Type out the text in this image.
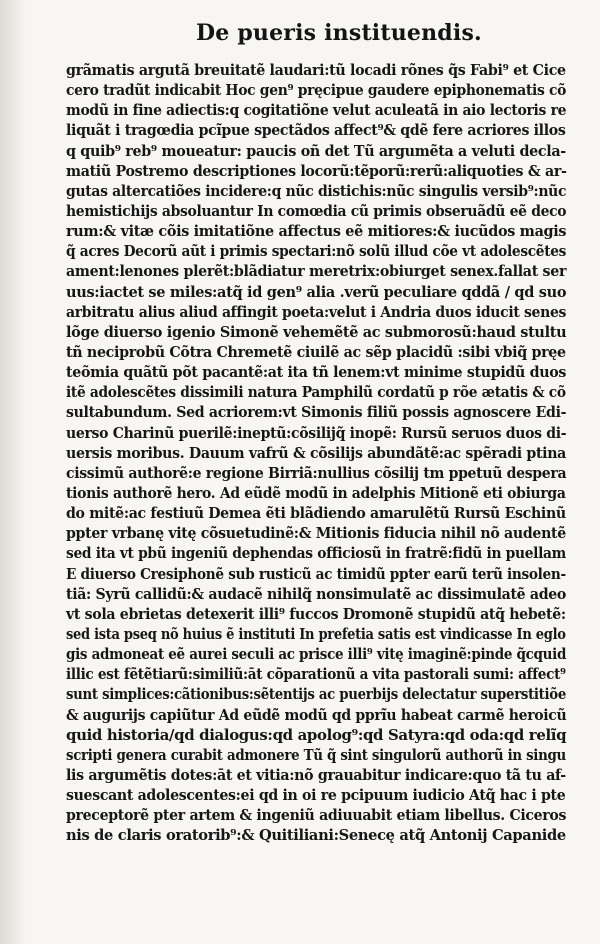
De pueris instituendis.
grãmatis argutã breuitatẽ laudari:tũ locadi rõnes q̃s Fabi⁹ et Cice
cero tradũt indicabit Hoc gen⁹ pręcipue gaudere epiphonematis cõ
modũ in fine adiectis:q cogitatiõne velut aculeatã in aio lectoris re
liquãt i tragœdia pcĩpue spectãdos affect⁹& qdẽ fere acriores illos
q quib⁹ reb⁹ moueatur: paucis oñ det Tũ argumẽta a veluti decla-
matiũ Postremo descriptiones locorũ:tẽporũ:rerũ:aliquoties & ar-
gutas altercatiões incidere:q nũc distichis:nũc singulis versib⁹:nũc
hemistichijs absoluantur In comœdia cũ primis obseruãdũ eẽ deco
rum:& vitæ cõis imitatiõne affectus eẽ mitiores:& iucũdos magis
q̃ acres Decorũ aũt i primis spectari:nõ solũ illud cõe vt adolescẽtes
ament:lenones plerẽt:blãdiatur meretrix:obiurget senex.fallat ser
uus:iactet se miles:atq̃ id gen⁹ alia .verũ peculiare qddã / qd suo
arbitratu alius aliud affingit poeta:velut i Andria duos iducit senes
lõge diuerso igenio Simonẽ vehemẽtẽ ac submorosũ:haud stultu
tñ neciprobũ Cõtra Chremetẽ ciuilẽ ac sẽp placidũ :sibi vbiq̃ pręe
teõmia quãtũ põt pacantẽ:at ita tñ lenem:vt minime stupidũ duos
itẽ adolescẽtes dissimili natura Pamphilũ cordatũ p rõe ætatis & cõ
sultabundum. Sed acriorem:vt Simonis filiũ possis agnoscere Edi-
uerso Charinũ puerilẽ:ineptũ:cõsilijq̃ inopẽ: Rursũ seruos duos di-
uersis moribus. Dauum vafrũ & cõsilijs abundãtẽ:ac spẽradi ptina
cissimũ authorẽ:e regione Birriã:nullius cõsilij tm ppetuũ despera
tionis authorẽ hero. Ad eũdẽ modũ in adelphis Mitionẽ eti obiurga
do mitẽ:ac festiuũ Demea ẽti blãdiendo amarulẽtũ Rursũ Eschinũ
ppter vrbanę vitę cõsuetudinẽ:& Mitionis fiducia nihil nõ audentẽ
sed ita vt pbũ ingeniũ dephendas officiosũ in fratrẽ:fidũ in puellam
E diuerso Cresiphonẽ sub rusticũ ac timidũ ppter earũ terũ insolen-
tiã: Syrũ callidũ:& audacẽ nihilq̃ nonsimulatẽ ac dissimulatẽ adeo
vt sola ebrietas detexerit illi⁹ fuccos Dromonẽ stupidũ atq̃ hebetẽ:
sed ista pseq nõ huius ẽ instituti In prefetia satis est vindicasse In eglo
gis admoneat eẽ aurei seculi ac prisce illi⁹ vitę imaginẽ:pinde q̃cquid
illic est fẽtẽtiarũ:similiũ:āt cõparationũ a vita pastorali sumi: affect⁹
sunt simplices:cãtionibus:sẽtentijs ac puerbijs delectatur superstitiõe
& augurijs capiũtur Ad eũdẽ modũ qd pprĩu habeat carmẽ heroicũ
quid historia/qd dialogus:qd apolog⁹:qd Satyra:qd oda:qd relĩq
scripti genera curabit admonere Tũ q̃ sint singulorũ authorũ in singu
lis argumẽtis dotes:āt et vitia:nõ grauabitur indicare:quo tã tu af-
suescant adolescentes:ei qd in oi re pcipuum iudicio Atq̃ hac i pte
preceptorẽ pter artem & ingeniũ adiuuabit etiam libellus. Ciceros
nis de claris oratorib⁹:& Quitiliani:Senecę atq̃ Antonij Capanide
